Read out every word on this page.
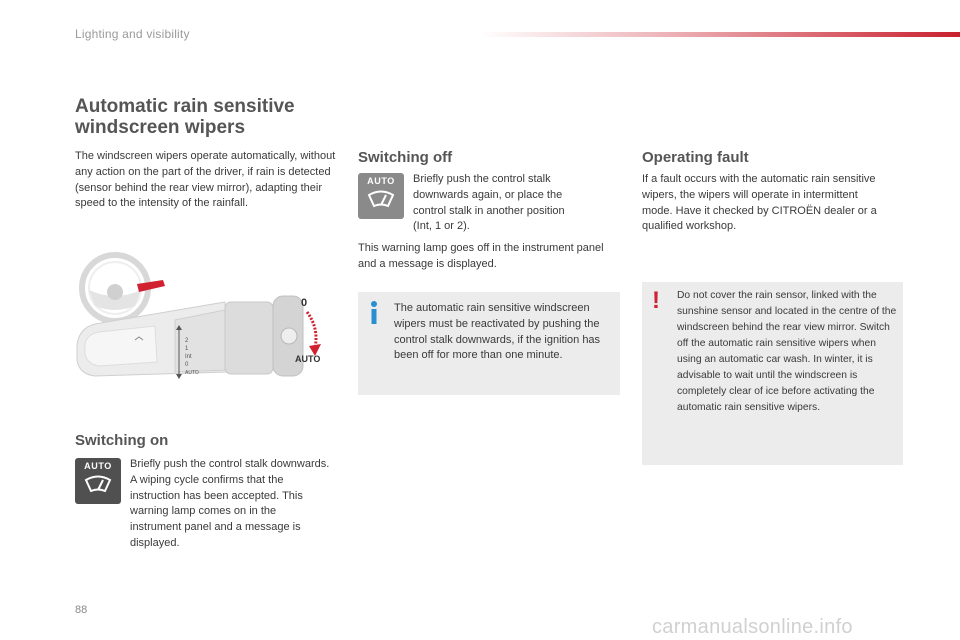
Lighting and visibility
Automatic rain sensitive
windscreen wipers

The windscreen wipers operate automatically, without any action on the part of the driver, if rain is detected (sensor behind the rear view mirror), adapting their speed to the intensity of the rainfall.

2
1
Int
0
AUTO
0
AUTO
Switching on
AUTO Briefly push the control stalk downwards. A wiping cycle confirms that the instruction has been accepted. This warning lamp comes on in the instrument panel and a message is displayed.

Switching off
AUTO Briefly push the control stalk downwards again, or place the control stalk in another position (Int, 1 or 2).

This warning lamp goes off in the instrument panel and a message is displayed.

The automatic rain sensitive windscreen wipers must be reactivated by pushing the control stalk downwards, if the ignition has been off for more than one minute.

Operating fault

If a fault occurs with the automatic rain sensitive wipers, the wipers will operate in intermittent mode. Have it checked by CITROËN dealer or a qualified workshop.

! Do not cover the rain sensor, linked with the sunshine sensor and located in the centre of the windscreen behind the rear view mirror. Switch off the automatic rain sensitive wipers when using an automatic car wash. In winter, it is advisable to wait until the windscreen is completely clear of ice before activating the automatic rain sensitive wipers.

88
carmanualsonline.info
